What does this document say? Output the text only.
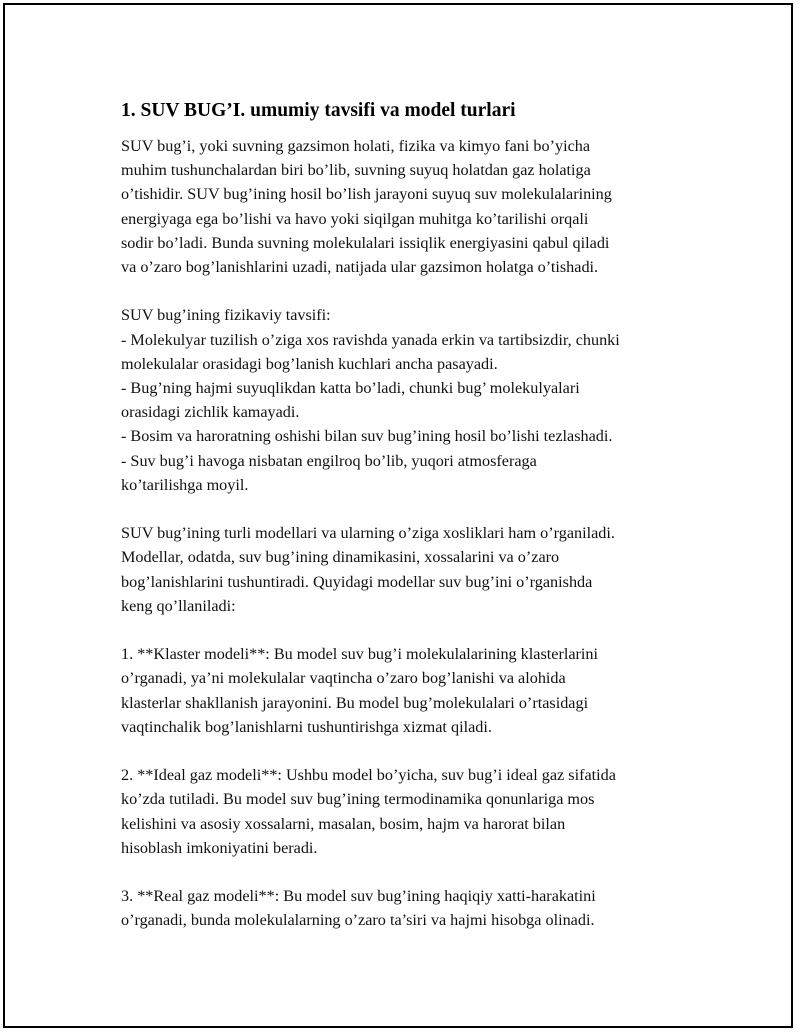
1. SUV BUG’I. umumiy tavsifi va model turlari
SUV bug’i, yoki suvning gazsimon holati, fizika va kimyo fani bo’yicha
muhim tushunchalardan biri bo’lib, suvning suyuq holatdan gaz holatiga
o’tishidir. SUV bug’ining hosil bo’lish jarayoni suyuq suv molekulalarining
energiyaga ega bo’lishi va havo yoki siqilgan muhitga ko’tarilishi orqali
sodir bo’ladi. Bunda suvning molekulalari issiqlik energiyasini qabul qiladi
va o’zaro bog’lanishlarini uzadi, natijada ular gazsimon holatga o’tishadi.
SUV bug’ining fizikaviy tavsifi:
- Molekulyar tuzilish o’ziga xos ravishda yanada erkin va tartibsizdir, chunki
molekulalar orasidagi bog’lanish kuchlari ancha pasayadi.
- Bug’ning hajmi suyuqlikdan katta bo’ladi, chunki bug’ molekulyalari
orasidagi zichlik kamayadi.
- Bosim va haroratning oshishi bilan suv bug’ining hosil bo’lishi tezlashadi.
- Suv bug’i havoga nisbatan engilroq bo’lib, yuqori atmosferaga
ko’tarilishga moyil.
SUV bug’ining turli modellari va ularning o’ziga xosliklari ham o’rganiladi.
Modellar, odatda, suv bug’ining dinamikasini, xossalarini va o’zaro
bog’lanishlarini tushuntiradi. Quyidagi modellar suv bug’ini o’rganishda
keng qo’llaniladi:
1. **Klaster modeli**: Bu model suv bug’i molekulalarining klasterlarini
o’rganadi, ya’ni molekulalar vaqtincha o’zaro bog’lanishi va alohida
klasterlar shakllanish jarayonini. Bu model bug’molekulalari o’rtasidagi
vaqtinchalik bog’lanishlarni tushuntirishga xizmat qiladi.
2. **Ideal gaz modeli**: Ushbu model bo’yicha, suv bug’i ideal gaz sifatida
ko’zda tutiladi. Bu model suv bug’ining termodinamika qonunlariga mos
kelishini va asosiy xossalarni, masalan, bosim, hajm va harorat bilan
hisoblash imkoniyatini beradi.
3. **Real gaz modeli**: Bu model suv bug’ining haqiqiy xatti-harakatini
o’rganadi, bunda molekulalarning o’zaro ta’siri va hajmi hisobga olinadi.
